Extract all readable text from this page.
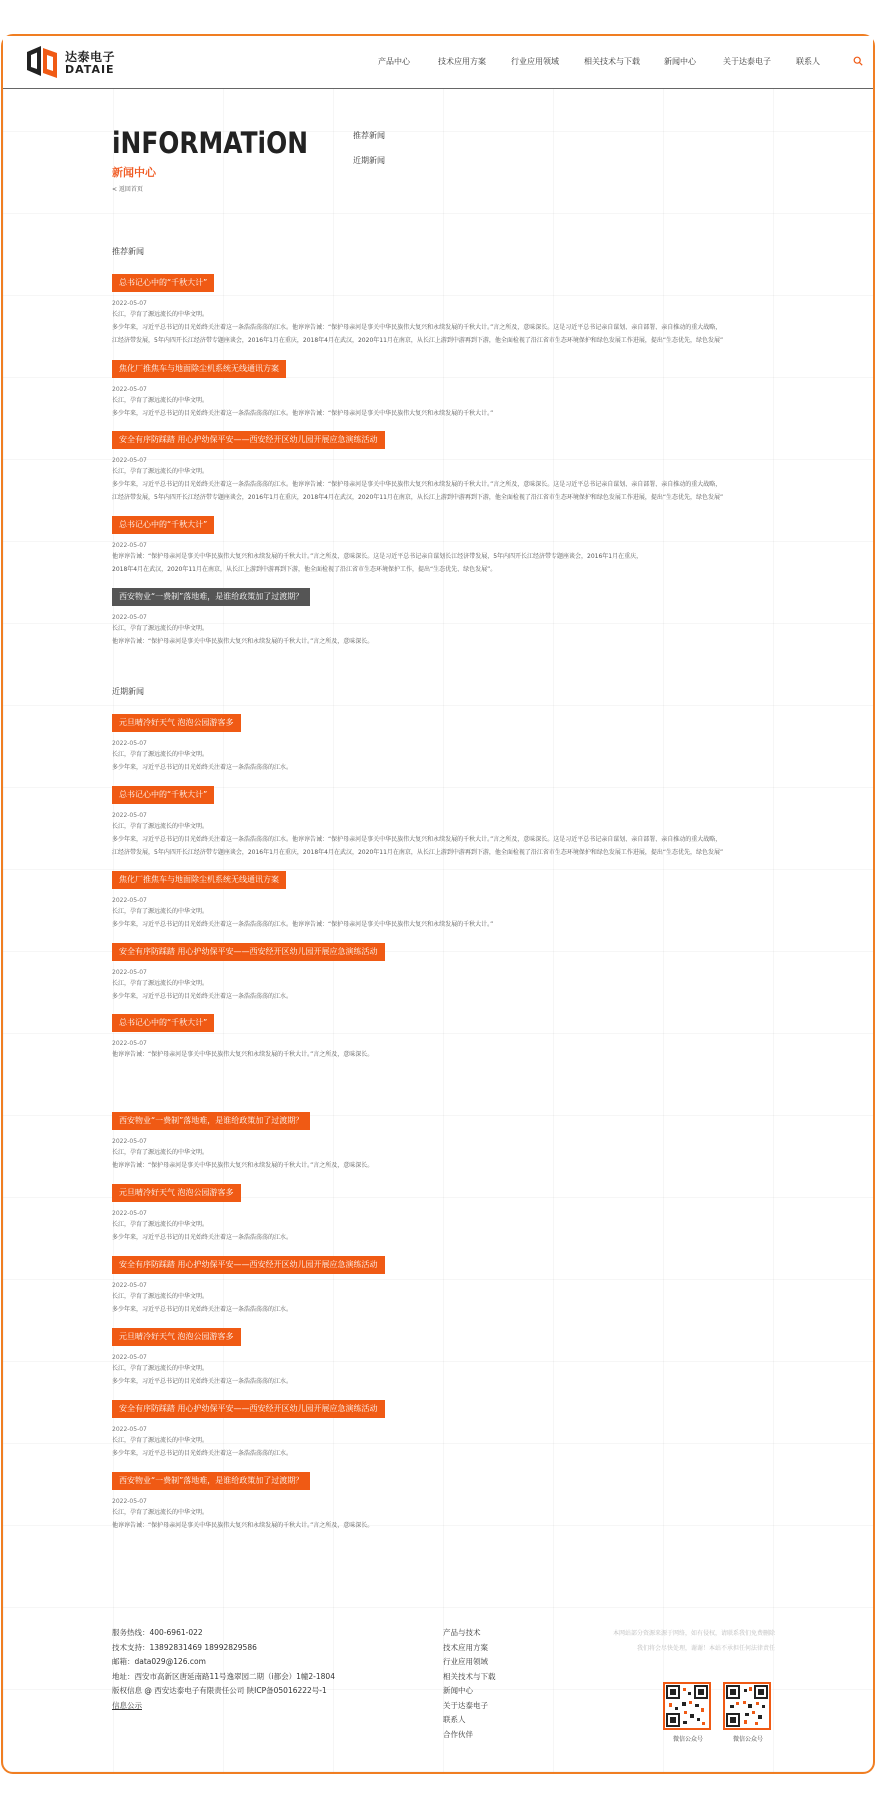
达泰电子
DATAIE
产品中心	技术应用方案	行业应用领域	相关技术与下载	新闻中心	关于达泰电子	联系人
iNFORMATiON
新闻中心
< 返回首页
推荐新闻
近期新闻
推荐新闻
总书记心中的“千秋大计”
2022-05-07
长江，孕育了源远流长的中华文明。
多少年来，习近平总书记的目光始终关注着这一条浩浩荡荡的江水。他谆谆告诫：“保护母亲河是事关中华民族伟大复兴和永续发展的千秋大计。”言之所及，意味深长。这是习近平总书记亲自谋划、亲自部署、亲自推动的重大战略，
江经济带发展，5年内四开长江经济带专题座谈会，2016年1月在重庆，2018年4月在武汉，2020年11月在南京，从长江上游到中游再到下游，他全面检视了沿江省市生态环境保护和绿色发展工作进展，提出“生态优先，绿色发展”
焦化厂推焦车与地面除尘机系统无线通讯方案
2022-05-07
长江，孕育了源远流长的中华文明。
多少年来，习近平总书记的目光始终关注着这一条浩浩荡荡的江水。他谆谆告诫：“保护母亲河是事关中华民族伟大复兴和永续发展的千秋大计。”
安全有序防踩踏 用心护幼保平安——西安经开区幼儿园开展应急演练活动
2022-05-07
长江，孕育了源远流长的中华文明。
多少年来，习近平总书记的目光始终关注着这一条浩浩荡荡的江水。他谆谆告诫：“保护母亲河是事关中华民族伟大复兴和永续发展的千秋大计。”言之所及，意味深长。这是习近平总书记亲自谋划、亲自部署、亲自推动的重大战略，
江经济带发展，5年内四开长江经济带专题座谈会，2016年1月在重庆，2018年4月在武汉，2020年11月在南京，从长江上游到中游再到下游，他全面检视了沿江省市生态环境保护和绿色发展工作进展，提出“生态优先，绿色发展”
总书记心中的“千秋大计”
2022-05-07
他谆谆告诫：“保护母亲河是事关中华民族伟大复兴和永续发展的千秋大计。”言之所及，意味深长。这是习近平总书记亲自谋划长江经济带发展，5年内四开长江经济带专题座谈会，2016年1月在重庆，
2018年4月在武汉，2020年11月在南京，从长江上游到中游再到下游，他全面检视了沿江省市生态环境保护工作，提出“生态优先、绿色发展”。
西安物业“一费制”落地难，是谁给政策加了过渡期？
2022-05-07
长江，孕育了源远流长的中华文明。
他谆谆告诫：“保护母亲河是事关中华民族伟大复兴和永续发展的千秋大计。”言之所及，意味深长。
近期新闻
元旦晴冷好天气 泡泡公园游客多
2022-05-07
长江，孕育了源远流长的中华文明。
多少年来，习近平总书记的目光始终关注着这一条浩浩荡荡的江水。
总书记心中的“千秋大计”
2022-05-07
长江，孕育了源远流长的中华文明。
多少年来，习近平总书记的目光始终关注着这一条浩浩荡荡的江水。他谆谆告诫：“保护母亲河是事关中华民族伟大复兴和永续发展的千秋大计。”言之所及，意味深长。这是习近平总书记亲自谋划、亲自部署、亲自推动的重大战略，
江经济带发展，5年内四开长江经济带专题座谈会，2016年1月在重庆，2018年4月在武汉，2020年11月在南京，从长江上游到中游再到下游，他全面检视了沿江省市生态环境保护和绿色发展工作进展，提出“生态优先，绿色发展”
焦化厂推焦车与地面除尘机系统无线通讯方案
2022-05-07
长江，孕育了源远流长的中华文明。
多少年来，习近平总书记的目光始终关注着这一条浩浩荡荡的江水。他谆谆告诫：“保护母亲河是事关中华民族伟大复兴和永续发展的千秋大计。”
安全有序防踩踏 用心护幼保平安——西安经开区幼儿园开展应急演练活动
2022-05-07
长江，孕育了源远流长的中华文明。
多少年来，习近平总书记的目光始终关注着这一条浩浩荡荡的江水。
总书记心中的“千秋大计”
2022-05-07
他谆谆告诫：“保护母亲河是事关中华民族伟大复兴和永续发展的千秋大计。”言之所及，意味深长。
西安物业“一费制”落地难，是谁给政策加了过渡期？
2022-05-07
长江，孕育了源远流长的中华文明。
他谆谆告诫：“保护母亲河是事关中华民族伟大复兴和永续发展的千秋大计。”言之所及，意味深长。
元旦晴冷好天气 泡泡公园游客多
2022-05-07
长江，孕育了源远流长的中华文明。
多少年来，习近平总书记的目光始终关注着这一条浩浩荡荡的江水。
安全有序防踩踏 用心护幼保平安——西安经开区幼儿园开展应急演练活动
2022-05-07
长江，孕育了源远流长的中华文明。
多少年来，习近平总书记的目光始终关注着这一条浩浩荡荡的江水。
元旦晴冷好天气 泡泡公园游客多
2022-05-07
长江，孕育了源远流长的中华文明。
多少年来，习近平总书记的目光始终关注着这一条浩浩荡荡的江水。
安全有序防踩踏 用心护幼保平安——西安经开区幼儿园开展应急演练活动
2022-05-07
长江，孕育了源远流长的中华文明。
多少年来，习近平总书记的目光始终关注着这一条浩浩荡荡的江水。
西安物业“一费制”落地难，是谁给政策加了过渡期？
2022-05-07
长江，孕育了源远流长的中华文明。
他谆谆告诫：“保护母亲河是事关中华民族伟大复兴和永续发展的千秋大计。”言之所及，意味深长。
服务热线：400-6961-022
技术支持：13892831469 18992829586
邮箱：data029@126.com
地址：西安市高新区唐延南路11号逸翠园二期（i都会）1幢2-1804
版权信息 @ 西安达泰电子有限责任公司 陕ICP备05016222号-1
信息公示
产品与技术
技术应用方案
行业应用领域
相关技术与下载
新闻中心
关于达泰电子
联系人
合作伙伴
本网站部分资源来源于网络，如有侵权，请联系我们免费删除
我们将会尽快处理，谢谢！本站不承担任何法律责任
微信公众号	微信公众号
